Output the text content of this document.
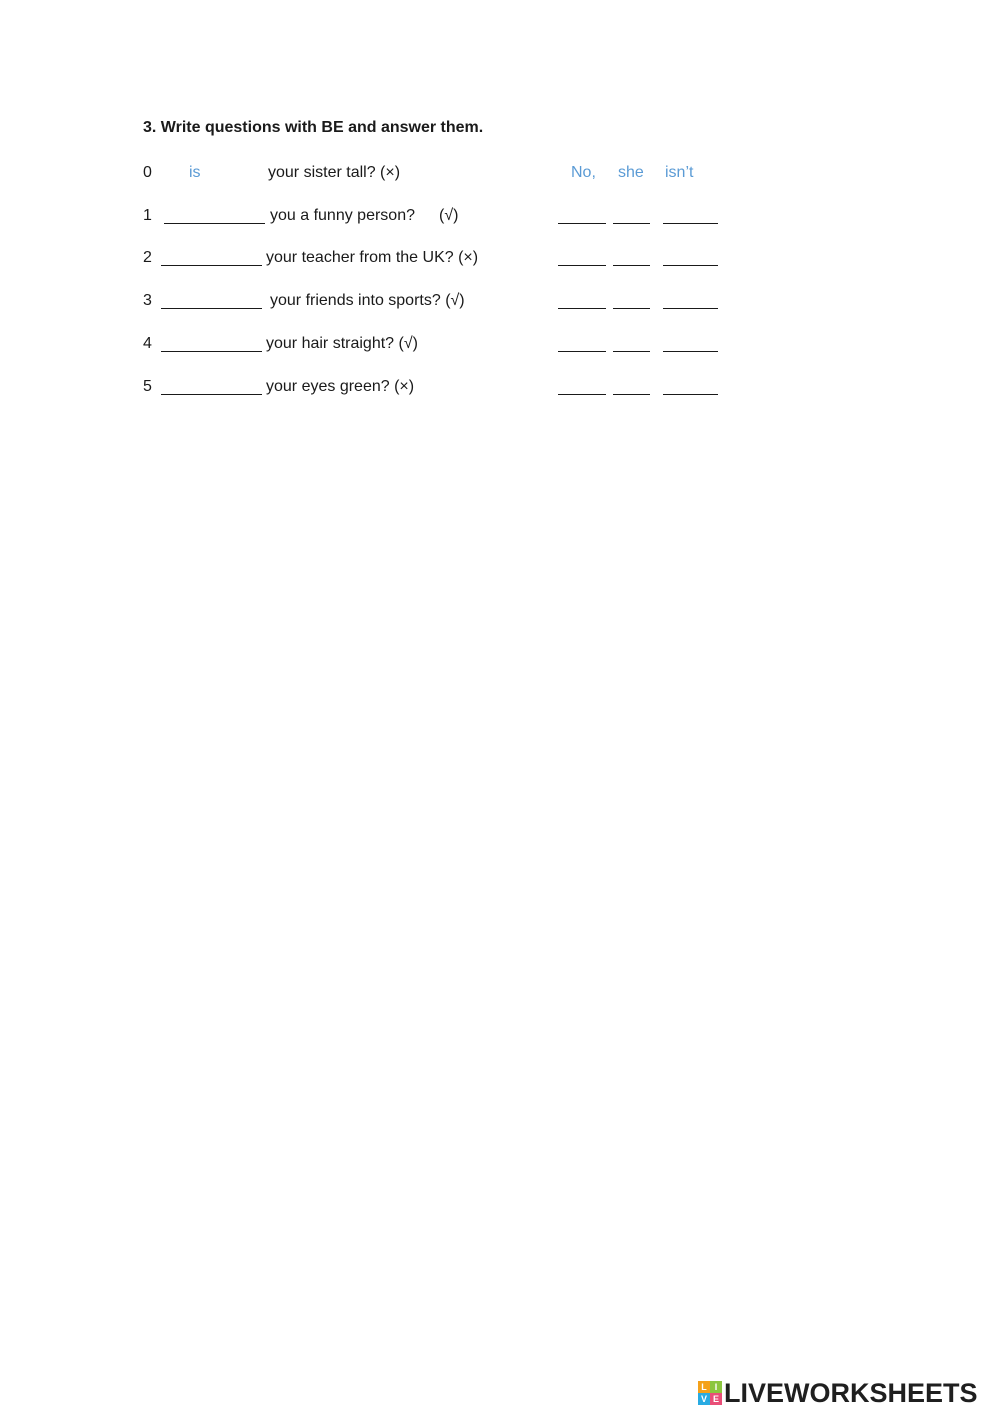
3. Write questions with BE and answer them.
0 is	your sister tall? (×)	No, she isn’t
1	you a funny person? (√)
2	your teacher from the UK? (×)
3	your friends into sports? (√)
4	your hair straight? (√)
5	your eyes green? (×)
L I
V E LIVEWORKSHEETS
